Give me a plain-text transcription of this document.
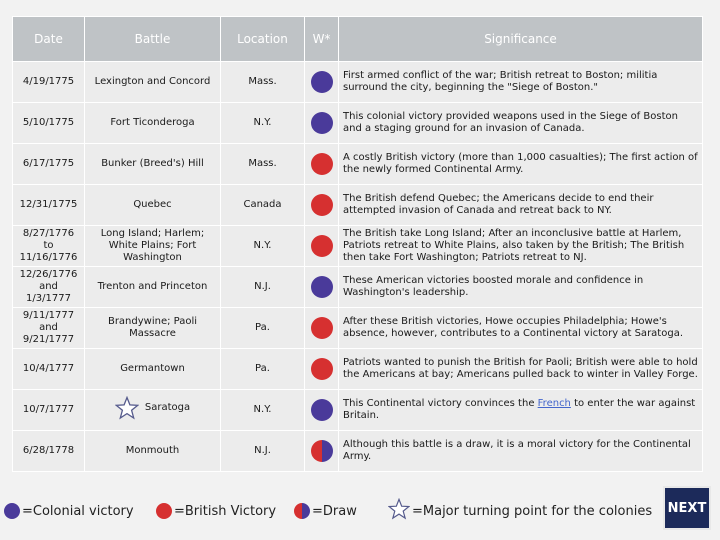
Date	Battle	Location	W*	Significance
4/19/1775	Lexington and Concord	Mass.		First armed conflict of the war; British retreat to Boston; militia surround the city, beginning the "Siege of Boston."
5/10/1775	Fort Ticonderoga	N.Y.		This colonial victory provided weapons used in the Siege of Boston and a staging ground for an invasion of Canada.
6/17/1775	Bunker (Breed's) Hill	Mass.		A costly British victory (more than 1,000 casualties); The first action of the newly formed Continental Army.
12/31/1775	Quebec	Canada		The British defend Quebec; the Americans decide to end their attempted invasion of Canada and retreat back to NY.
8/27/1776 to 11/16/1776	Long Island; Harlem; White Plains; Fort Washington	N.Y.		The British take Long Island; After an inconclusive battle at Harlem, Patriots retreat to White Plains, also taken by the British; The British then take Fort Washington; Patriots retreat to NJ.
12/26/1776 and 1/3/1777	Trenton and Princeton	N.J.		These American victories boosted morale and confidence in Washington's leadership.
9/11/1777 and 9/21/1777	Brandywine; Paoli Massacre	Pa.		After these British victories, Howe occupies Philadelphia; Howe's absence, however, contributes to a Continental victory at Saratoga.
10/4/1777	Germantown	Pa.		Patriots wanted to punish the British for Paoli; British were able to hold the Americans at bay; Americans pulled back to winter in Valley Forge.
10/7/1777	Saratoga	N.Y.		This Continental victory convinces the French to enter the war against Britain.
6/28/1778	Monmouth	N.J.		Although this battle is a draw, it is a moral victory for the Continental Army.
=Colonial victory	=British Victory	=Draw	=Major turning point for the colonies	NEXT
